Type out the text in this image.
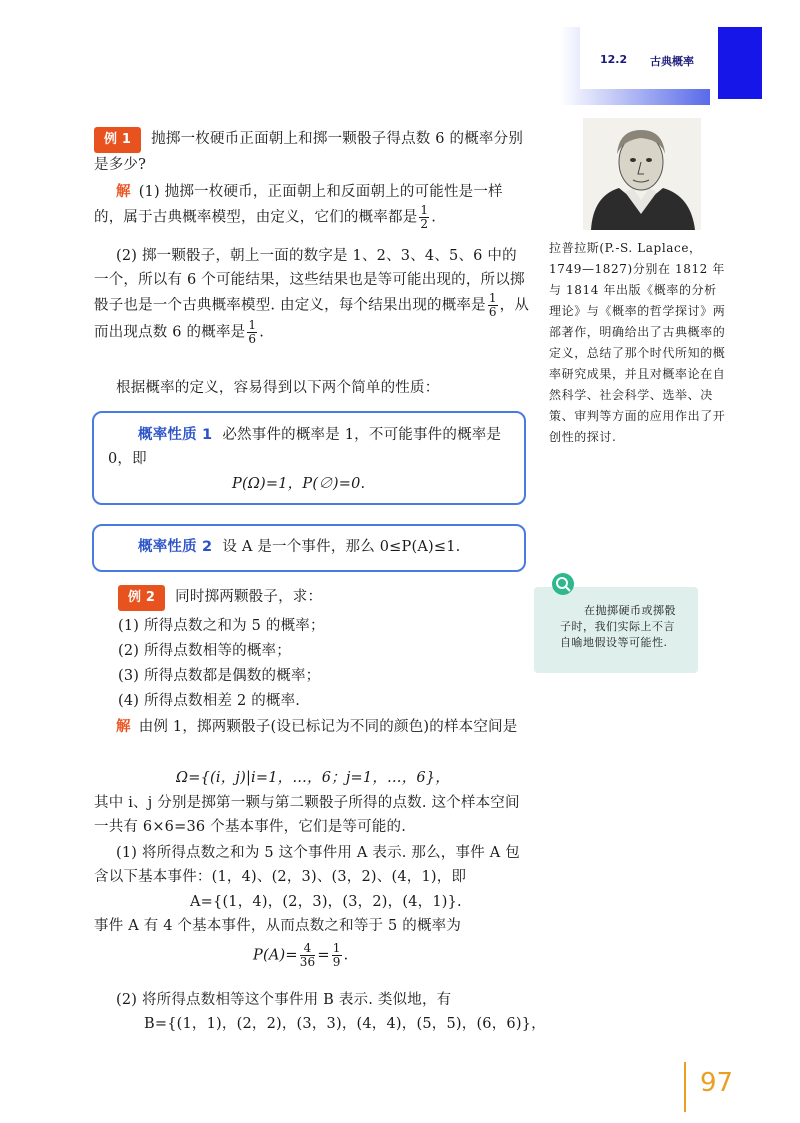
12.2 古典概率
例 1 抛掷一枚硬币正面朝上和掷一颗骰子得点数 6 的概率分别是多少?
解 (1) 抛掷一枚硬币，正面朝上和反面朝上的可能性是一样的，属于古典概率模型，由定义，它们的概率都是 $\frac{1}{2}$ .
(2) 掷一颗骰子，朝上一面的数字是 1、2、3、4、5、6 中的一个，所以有 6 个可能结果，这些结果也是等可能出现的，所以掷骰子也是一个古典概率模型. 由定义，每个结果出现的概率是 $\frac{1}{6}$ ，从而出现点数 6 的概率是 $\frac{1}{6}$ .
根据概率的定义，容易得到以下两个简单的性质：
概率性质 1 必然事件的概率是 1，不可能事件的概率是 0，即
P(Ω)=1，P(∅)=0.
概率性质 2 设 A 是一个事件，那么 0≤P(A)≤1.
例 2 同时掷两颗骰子，求：
(1) 所得点数之和为 5 的概率；
(2) 所得点数相等的概率；
(3) 所得点数都是偶数的概率；
(4) 所得点数相差 2 的概率.
解 由例 1，掷两颗骰子(设已标记为不同的颜色)的样本空间是
Ω={(i，j)|i=1，…，6；j=1，…，6}，
其中 i、j 分别是掷第一颗与第二颗骰子所得的点数. 这个样本空间一共有 6×6=36 个基本事件，它们是等可能的.
(1) 将所得点数之和为 5 这个事件用 A 表示. 那么，事件 A 包含以下基本事件：(1，4)、(2，3)、(3，2)、(4，1)，即
A={(1，4)，(2，3)，(3，2)，(4，1)}.
事件 A 有 4 个基本事件，从而点数之和等于 5 的概率为
$P(A)= \frac{4}{36} = \frac{1}{9}$ .
(2) 将所得点数相等这个事件用 B 表示. 类似地，有
B={(1，1)，(2，2)，(3，3)，(4，4)，(5，5)，(6，6)}，
拉普拉斯(P.-S. Laplace，1749—1827)分别在 1812 年与 1814 年出版《概率的分析理论》与《概率的哲学探讨》两部著作，明确给出了古典概率的定义，总结了那个时代所知的概率研究成果，并且对概率论在自然科学、社会科学、选举、决策、审判等方面的应用作出了开创性的探讨.
在抛掷硬币或掷骰子时，我们实际上不言自喻地假设等可能性.
97
